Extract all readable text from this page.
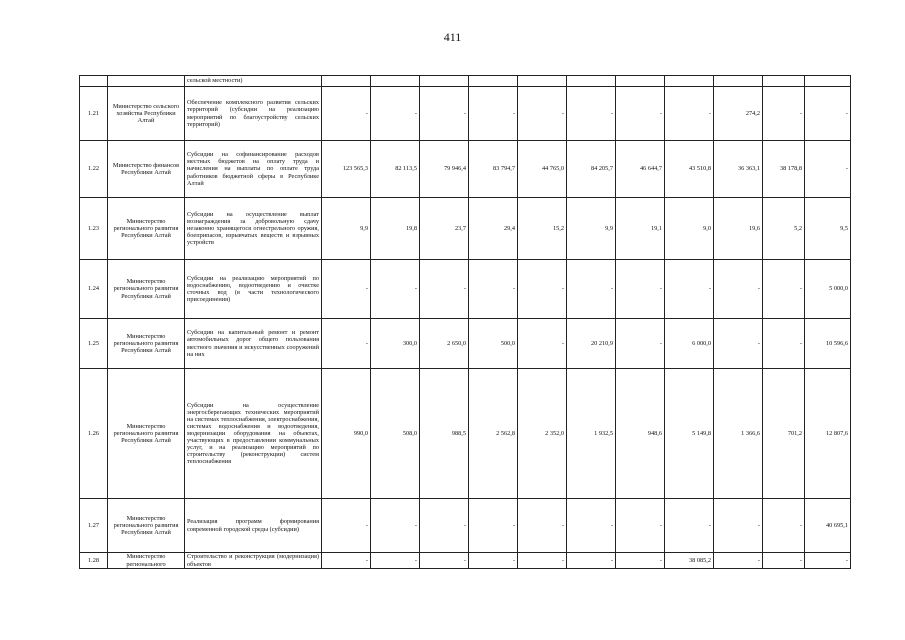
411
		сельской местности)											
1.21	Министерство сельского хозяйства Республики Алтай	Обеспечение комплексного развития сельских территорий (субсидии на реализацию мероприятий по благоустройству сельских территорий)	-	-	-	-	-	-	-	-	274,2	-	-
1.22	Министерство финансов Республики Алтай	Субсидии на софинансирование расходов местных бюджетов на оплату труда и начисления на выплаты по оплате труда работников бюджетной сферы в Республике Алтай	123 565,3	82 113,5	79 946,4	83 794,7	44 765,0	84 205,7	46 644,7	43 510,8	36 363,1	38 178,8	-
1.23	Министерство регионального развития Республики Алтай	Субсидии на осуществление выплат вознаграждения за добровольную сдачу незаконно хранящегося огнестрельного оружия, боеприпасов, взрывчатых веществ и взрывных устройств	9,9	19,8	23,7	29,4	15,2	9,9	19,1	9,0	19,6	5,2	9,5
1.24	Министерство регионального развития Республики Алтай	Субсидии на реализацию мероприятий по водоснабжению, водоотведению и очистке сточных вод (в части технологического присоединения)	-	-	-	-	-	-	-	-	-	-	5 000,0
1.25	Министерство регионального развития Республики Алтай	Субсидии на капитальный ремонт и ремонт автомобильных дорог общего пользования местного значения и искусственных сооружений на них	-	300,0	2 650,0	500,0	-	20 210,9	-	6 000,0	-	-	10 596,6
1.26	Министерство регионального развития Республики Алтай	Субсидии на осуществление энергосберегающих технических мероприятий на системах теплоснабжения, электроснабжения, системах водоснабжения и водоотведения, модернизации оборудования на объектах, участвующих в предоставлении коммунальных услуг, и на реализацию мероприятий по строительству (реконструкции) систем теплоснабжения	990,0	508,0	988,5	2 562,8	2 352,0	1 932,5	948,6	5 149,8	1 366,6	701,2	12 807,6
1.27	Министерство регионального развития Республики Алтай	Реализация программ формирования современной городской среды (субсидии)	-	-	-	-	-	-	-	-	-	-	40 695,1
1.28	Министерство регионального	Строительство и реконструкция (модернизация) объектов	-	-	-	-	-	-	-	38 085,2	-	-	-
